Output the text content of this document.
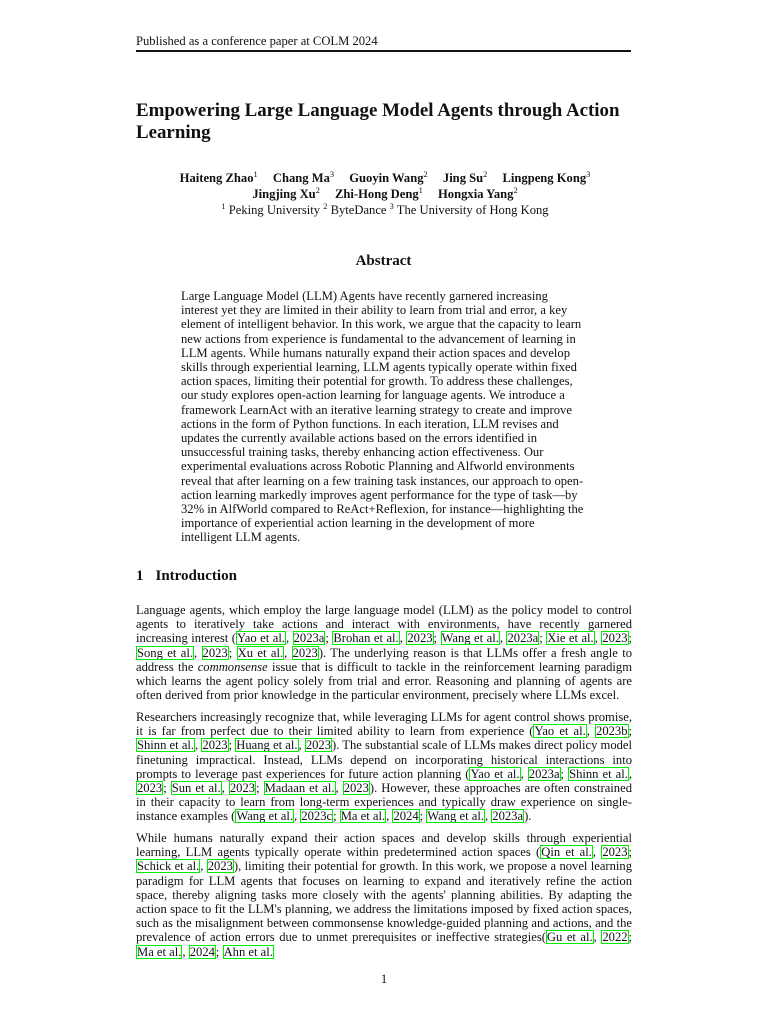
Published as a conference paper at COLM 2024
Empowering Large Language Model Agents through Action Learning
Haiteng Zhao$^1$ Chang Ma$^3$ Guoyin Wang$^2$ Jing Su$^2$ Lingpeng Kong$^3$
Jingjing Xu$^2$ Zhi-Hong Deng$^1$ Hongxia Yang$^2$
$^1$ Peking University $^2$ ByteDance $^3$ The University of Hong Kong
Abstract
Large Language Model (LLM) Agents have recently garnered increasing interest yet they are limited in their ability to learn from trial and error, a key element of intelligent behavior. In this work, we argue that the capacity to learn new actions from experience is fundamental to the advancement of learning in LLM agents. While humans naturally expand their action spaces and develop skills through experiential learning, LLM agents typically operate within fixed action spaces, limiting their potential for growth. To address these challenges, our study explores open-action learning for language agents. We introduce a framework LearnAct with an iterative learning strategy to create and improve actions in the form of Python functions. In each iteration, LLM revises and updates the currently available actions based on the errors identified in unsuccessful training tasks, thereby enhancing action effectiveness. Our experimental evaluations across Robotic Planning and Alfworld environments reveal that after learning on a few training task instances, our approach to open-action learning markedly improves agent performance for the type of task—by 32% in AlfWorld compared to ReAct+Reflexion, for instance—highlighting the importance of experiential action learning in the development of more intelligent LLM agents.
1 Introduction

Language agents, which employ the large language model (LLM) as the policy model to control agents to iteratively take actions and interact with environments, have recently garnered increasing interest (Yao et al., 2023a; Brohan et al., 2023; Wang et al., 2023a; Xie et al., 2023; Song et al., 2023; Xu et al., 2023). The underlying reason is that LLMs offer a fresh angle to address the commonsense issue that is difficult to tackle in the reinforcement learning paradigm which learns the agent policy solely from trial and error. Reasoning and planning of agents are often derived from prior knowledge in the particular environment, precisely where LLMs excel.

Researchers increasingly recognize that, while leveraging LLMs for agent control shows promise, it is far from perfect due to their limited ability to learn from experience (Yao et al., 2023b; Shinn et al., 2023; Huang et al., 2023). The substantial scale of LLMs makes direct policy model finetuning impractical. Instead, LLMs depend on incorporating historical interactions into prompts to leverage past experiences for future action planning (Yao et al., 2023a; Shinn et al., 2023; Sun et al., 2023; Madaan et al., 2023). However, these approaches are often constrained in their capacity to learn from long-term experiences and typically draw experience on single-instance examples (Wang et al., 2023c; Ma et al., 2024; Wang et al., 2023a).

While humans naturally expand their action spaces and develop skills through experiential learning, LLM agents typically operate within predetermined action spaces (Qin et al., 2023; Schick et al., 2023), limiting their potential for growth. In this work, we propose a novel learning paradigm for LLM agents that focuses on learning to expand and iteratively refine the action space, thereby aligning tasks more closely with the agents' planning abilities. By adapting the action space to fit the LLM's planning, we address the limitations imposed by fixed action spaces, such as the misalignment between commonsense knowledge-guided planning and actions, and the prevalence of action errors due to unmet prerequisites or ineffective strategies(Gu et al., 2022; Ma et al., 2024; Ahn et al.

1
